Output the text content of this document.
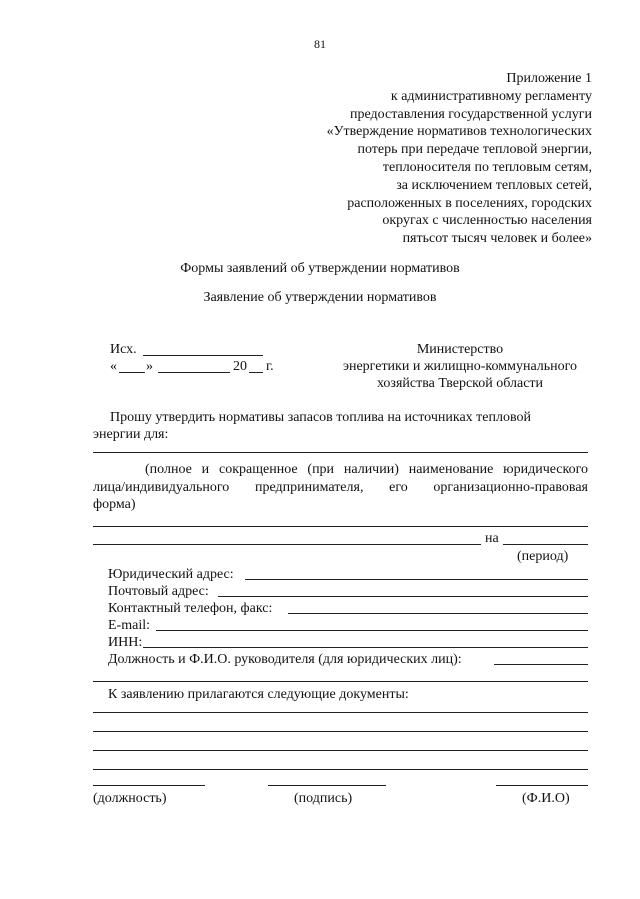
81
Приложение 1
к административному регламенту
предоставления государственной услуги
«Утверждение нормативов технологических
потерь при передаче тепловой энергии,
теплоносителя по тепловым сетям,
за исключением тепловых сетей,
расположенных в поселениях, городских
округах с численностью населения
пятьсот тысяч человек и более»
Формы заявлений об утверждении нормативов
Заявление об утверждении нормативов
Исх.
« »	20 г.
Министерство
энергетики и жилищно-коммунального
хозяйства Тверской области
Прошу утвердить нормативы запасов топлива на источниках тепловой
энергии для:
(полное и сокращенное (при наличии) наименование юридического
лица/индивидуального предпринимателя, его организационно-правовая
форма)
на
(период)
Юридический адрес:
Почтовый адрес:
Контактный телефон, факс:
E-mail:
ИНН:
Должность и Ф.И.О. руководителя (для юридических лиц):
К заявлению прилагаются следующие документы:
(должность)	(подпись)	(Ф.И.О)
